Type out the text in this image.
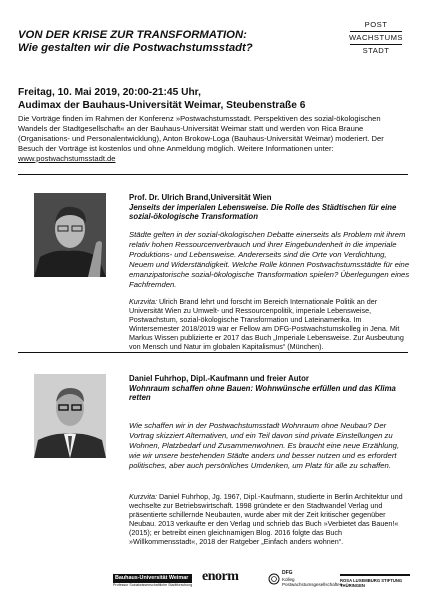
VON DER KRISE ZUR TRANSFORMATION:
Wie gestalten wir die Postwachstumsstadt?
POST
WACHSTUMS
STADT
Freitag, 10. Mai 2019, 20:00-21:45 Uhr,
Audimax der Bauhaus-Universität Weimar, Steubenstraße 6
Die Vorträge finden im Rahmen der Konferenz »Postwachstumsstadt. Perspektiven des sozial-ökologischen Wandels der Stadtgesellschaft« an der Bauhaus-Universität Weimar statt und werden von Rica Braune (Organisations- und Personalentwicklung), Anton Brokow-Loga (Bauhaus-Universität Weimar) moderiert. Der Besuch der Vorträge ist kostenlos und ohne Anmeldung möglich. Weitere Informationen unter: www.postwachstumsstadt.de
Prof. Dr. Ulrich Brand,Universität Wien
Jenseits der imperialen Lebensweise. Die Rolle des Städtischen für eine sozial-ökologische Transformation
Städte gelten in der sozial-ökologischen Debatte einerseits als Problem mit ihrem relativ hohen Ressourcenverbrauch und ihrer Eingebundenheit in die imperiale Produktions- und Lebensweise. Andererseits sind die Orte von Verdichtung, Neuem und Widerständigkeit. Welche Rolle können Postwachstumsstädte für eine emanzipatorische sozial-ökologische Transformation spielen? Überlegungen eines Fachfremden.
Kurzvita: Ulrich Brand lehrt und forscht im Bereich Internationale Politik an der Universität Wien zu Umwelt- und Ressourcenpolitik, imperiale Lebensweise, Postwachstum, sozial-ökologische Transformation und Lateinamerika. Im Wintersemester 2018/2019 war er Fellow am DFG-Postwachstumskolleg in Jena. Mit Markus Wissen publizierte er 2017 das Buch „Imperiale Lebensweise. Zur Ausbeutung von Mensch und Natur im globalen Kapitalismus“ (München).
Daniel Fuhrhop, Dipl.-Kaufmann und freier Autor
Wohnraum schaffen ohne Bauen: Wohnwünsche erfüllen und das Klima retten
Wie schaffen wir in der Postwachstumsstadt Wohnraum ohne Neubau? Der Vortrag skizziert Alternativen, und ein Teil davon sind private Einstellungen zu Wohnen, Platzbedarf und Zusammenwohnen. Es braucht eine neue Erzählung, wie wir unsere bestehenden Städte anders und besser nutzen und es erfordert politisches, aber auch persönliches Umdenken, um Platz für alle zu schaffen.
Kurzvita: Daniel Fuhrhop, Jg. 1967, Dipl.-Kaufmann, studierte in Berlin Architektur und wechselte zur Betriebswirtschaft. 1998 gründete er den Stadtwandel Verlag und präsentierte schillernde Neubauten, wurde aber mit der Zeit kritischer gegenüber Neubau. 2013 verkaufte er den Verlag und schrieb das Buch »Verbietet das Bauen!« (2015); er betreibt einen gleichnamigen Blog. 2016 folgte das Buch »Willkommensstadt«, 2018 der Ratgeber „Einfach anders wohnen“.
Bauhaus-Universität Weimar
Professur Sozialwissenschaftliche Stadtforschung
enorm	DFG
Kolleg Postwachstumsgesellschaften
ROSA LUXEMBURG STIFTUNG THÜRINGEN
